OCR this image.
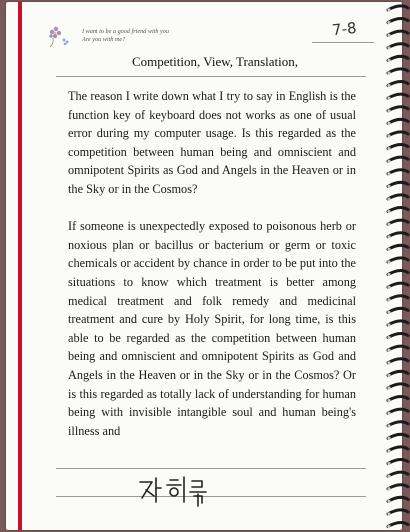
I want to be a good friend with you
Are you with me?
7-8
Competition, View, Translation,

The reason I write down what I try to say in English is the function key of keyboard does not works as one of usual error during my computer usage. Is this regarded as the competition between human being and omniscient and omnipotent Spirits as God and Angels in the Heaven or in the Sky or in the Cosmos?

If someone is unexpectedly exposed to poisonous herb or noxious plan or bacillus or bacterium or germ or toxic chemicals or accident by chance in order to be put into the situations to know which treatment is better among medical treatment and folk remedy and medicinal treatment and cure by Holy Spirit, for long time, is this able to be regarded as the competition between human being and omniscient and omnipotent Spirits as God and Angels in the Heaven or in the Sky or in the Cosmos? Or is this regarded as totally lack of understanding for human being with invisible intangible soul and human being's illness and
